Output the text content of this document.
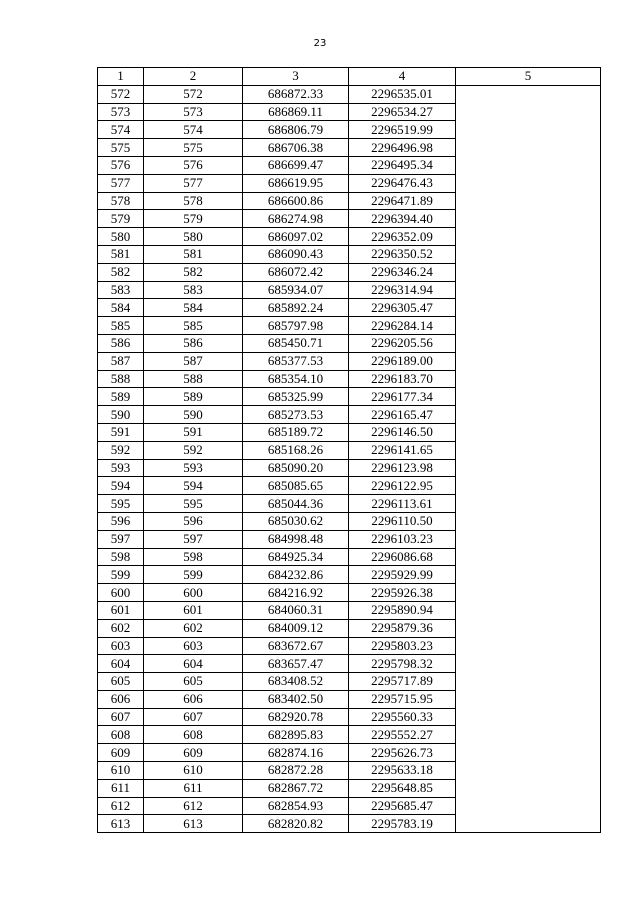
23
1	2	3	4	5
572	572	686872.33	2296535.01	
573	573	686869.11	2296534.27	
574	574	686806.79	2296519.99	
575	575	686706.38	2296496.98	
576	576	686699.47	2296495.34	
577	577	686619.95	2296476.43	
578	578	686600.86	2296471.89	
579	579	686274.98	2296394.40	
580	580	686097.02	2296352.09	
581	581	686090.43	2296350.52	
582	582	686072.42	2296346.24	
583	583	685934.07	2296314.94	
584	584	685892.24	2296305.47	
585	585	685797.98	2296284.14	
586	586	685450.71	2296205.56	
587	587	685377.53	2296189.00	
588	588	685354.10	2296183.70	
589	589	685325.99	2296177.34	
590	590	685273.53	2296165.47	
591	591	685189.72	2296146.50	
592	592	685168.26	2296141.65	
593	593	685090.20	2296123.98	
594	594	685085.65	2296122.95	
595	595	685044.36	2296113.61	
596	596	685030.62	2296110.50	
597	597	684998.48	2296103.23	
598	598	684925.34	2296086.68	
599	599	684232.86	2295929.99	
600	600	684216.92	2295926.38	
601	601	684060.31	2295890.94	
602	602	684009.12	2295879.36	
603	603	683672.67	2295803.23	
604	604	683657.47	2295798.32	
605	605	683408.52	2295717.89	
606	606	683402.50	2295715.95	
607	607	682920.78	2295560.33	
608	608	682895.83	2295552.27	
609	609	682874.16	2295626.73	
610	610	682872.28	2295633.18	
611	611	682867.72	2295648.85	
612	612	682854.93	2295685.47	
613	613	682820.82	2295783.19	
